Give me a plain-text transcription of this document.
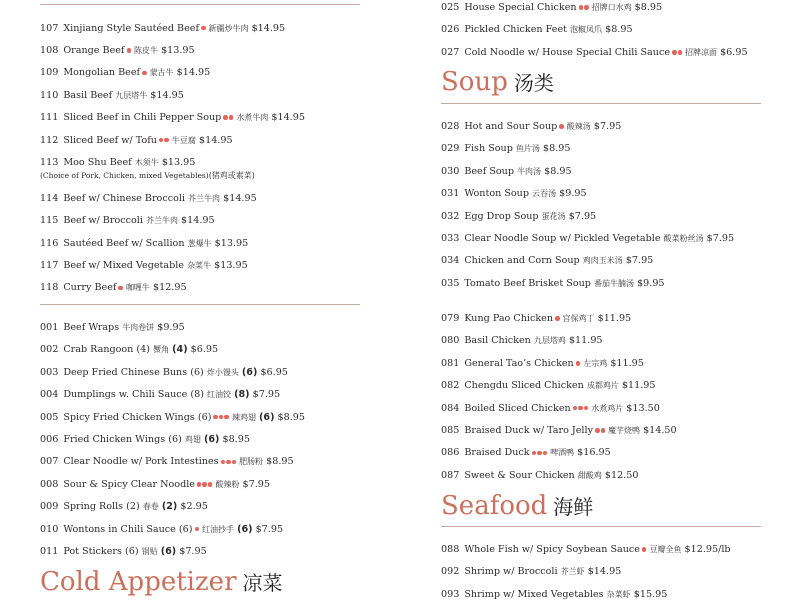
107 Xinjiang Style Sautéed Beef 新疆炒牛肉 $14.95
108 Orange Beef 陈皮牛 $13.95
109 Mongolian Beef 蒙古牛 $14.95
110 Basil Beef 九层塔牛 $14.95
111 Sliced Beef in Chili Pepper Soup 水煮牛肉 $14.95
112 Sliced Beef w/ Tofu 牛豆腐 $14.95
113 Moo Shu Beef 木须牛 $13.95
114 Beef w/ Chinese Broccoli 芥兰牛肉 $14.95
115 Beef w/ Broccoli 芥兰牛肉 $14.95
116 Sautéed Beef w/ Scallion 葱爆牛 $13.95
117 Beef w/ Mixed Vegetable 杂菜牛 $13.95
118 Curry Beef 咖喱牛 $12.95
(Choice of Pork, Chicken, mixed Vegetables)(猪鸡或素菜)
001 Beef Wraps 牛肉卷饼 $9.95
002 Crab Rangoon (4) 蟹角 (4) $6.95
003 Deep Fried Chinese Buns (6) 炸小馒头 (6) $6.95
004 Dumplings w. Chili Sauce (8) 红油饺 (8) $7.95
005 Spicy Fried Chicken Wings (6)	辣鸡翅 (6) $8.95
006 Fried Chicken Wings (6) 鸡翅 (6) $8.95
007 Clear Noodle w/ Pork Intestines	肥肠粉 $8.95
008 Sour & Spicy Clear Noodle	酸辣粉 $7.95
009 Spring Rolls (2) 春卷 (2) $2.95
010 Wontons in Chili Sauce (6) 红油抄手 (6) $7.95
011 Pot Stickers (6) 锅贴 (6) $7.95
Cold Appetizer 凉菜
025 House Special Chicken 招牌口水鸡 $8.95
026 Pickled Chicken Feet 泡椒凤爪 $8.95
027 Cold Noodle w/ House Special Chili Sauce 招牌凉面 $6.95
Soup 汤类
028 Hot and Sour Soup 酸辣汤 $7.95
029 Fish Soup 鱼片汤 $8.95
030 Beef Soup 牛肉汤 $8.95
031 Wonton Soup 云吞汤 $9.95
032 Egg Drop Soup 蛋花汤 $7.95
033 Clear Noodle Soup w/ Pickled Vegetable 酸菜粉丝汤 $7.95
034 Chicken and Corn Soup 鸡肉玉米汤 $7.95
035 Tomato Beef Brisket Soup 番茄牛腩汤 $9.95

079 Kung Pao Chicken 宫保鸡丁 $11.95
080 Basil Chicken 九层塔鸡 $11.95
081 General Tao’s Chicken 左宗鸡 $11.95
082 Chengdu Sliced Chicken 成都鸡片 $11.95
084 Boiled Sliced Chicken	水煮鸡片 $13.50
085 Braised Duck w/ Taro Jelly 魔芋烧鸭 $14.50
086 Braised Duck	啤酒鸭 $16.95
087 Sweet & Sour Chicken 甜酸鸡 $12.50
Seafood 海鲜
088 Whole Fish w/ Spicy Soybean Sauce 豆瓣全鱼 $12.95/lb
092 Shrimp w/ Broccoli 芥兰虾 $14.95
093 Shrimp w/ Mixed Vegetables 杂菜虾 $15.95
